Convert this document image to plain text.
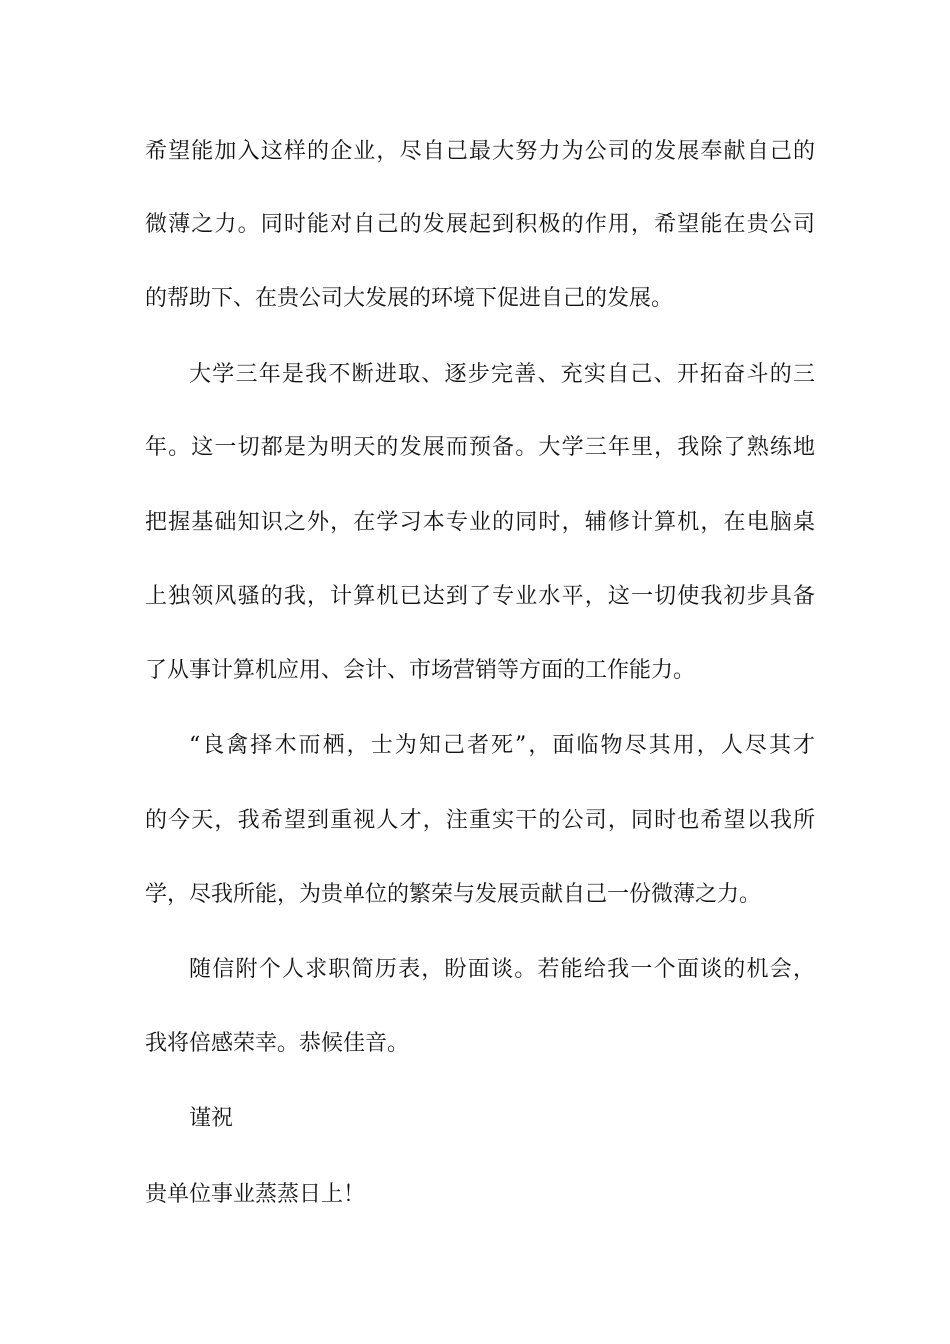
希望能加入这样的企业，尽自己最大努力为公司的发展奉献自己的
微薄之力。同时能对自己的发展起到积极的作用，希望能在贵公司
的帮助下、在贵公司大发展的环境下促进自己的发展。
大学三年是我不断进取、逐步完善、充实自己、开拓奋斗的三
年。这一切都是为明天的发展而预备。大学三年里，我除了熟练地
把握基础知识之外，在学习本专业的同时，辅修计算机，在电脑桌
上独领风骚的我，计算机已达到了专业水平，这一切使我初步具备
了从事计算机应用、会计、市场营销等方面的工作能力。
“良禽择木而栖，士为知己者死”，面临物尽其用，人尽其才
的今天，我希望到重视人才，注重实干的公司，同时也希望以我所
学，尽我所能，为贵单位的繁荣与发展贡献自己一份微薄之力。
随信附个人求职简历表，盼面谈。若能给我一个面谈的机会，
我将倍感荣幸。恭候佳音。
谨祝
贵单位事业蒸蒸日上！
